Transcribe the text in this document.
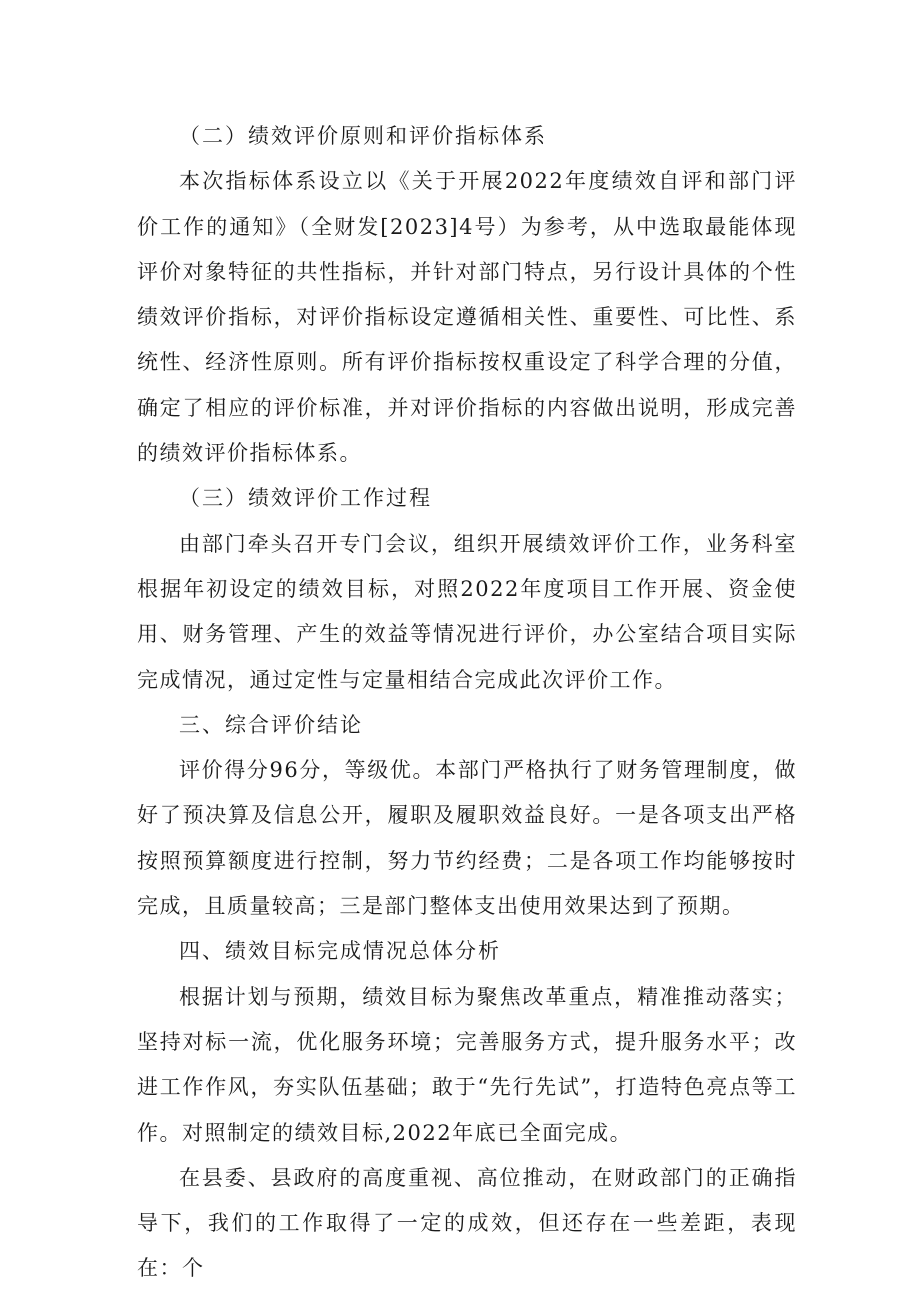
（二）绩效评价原则和评价指标体系

本次指标体系设立以《关于开展2022年度绩效自评和部门评价工作的通知》（全财发[2023]4号）为参考，从中选取最能体现评价对象特征的共性指标，并针对部门特点，另行设计具体的个性绩效评价指标，对评价指标设定遵循相关性、重要性、可比性、系统性、经济性原则。所有评价指标按权重设定了科学合理的分值，确定了相应的评价标准，并对评价指标的内容做出说明，形成完善的绩效评价指标体系。

（三）绩效评价工作过程

由部门牵头召开专门会议，组织开展绩效评价工作，业务科室根据年初设定的绩效目标，对照2022年度项目工作开展、资金使用、财务管理、产生的效益等情况进行评价，办公室结合项目实际完成情况，通过定性与定量相结合完成此次评价工作。

三、综合评价结论

评价得分96分，等级优。本部门严格执行了财务管理制度，做好了预决算及信息公开，履职及履职效益良好。一是各项支出严格按照预算额度进行控制，努力节约经费；二是各项工作均能够按时完成，且质量较高；三是部门整体支出使用效果达到了预期。

四、绩效目标完成情况总体分析

根据计划与预期，绩效目标为聚焦改革重点，精准推动落实；坚持对标一流，优化服务环境；完善服务方式，提升服务水平；改进工作作风，夯实队伍基础；敢于“先行先试”，打造特色亮点等工作。对照制定的绩效目标,2022年底已全面完成。

在县委、县政府的高度重视、高位推动，在财政部门的正确指导下，我们的工作取得了一定的成效，但还存在一些差距，表现在：个
